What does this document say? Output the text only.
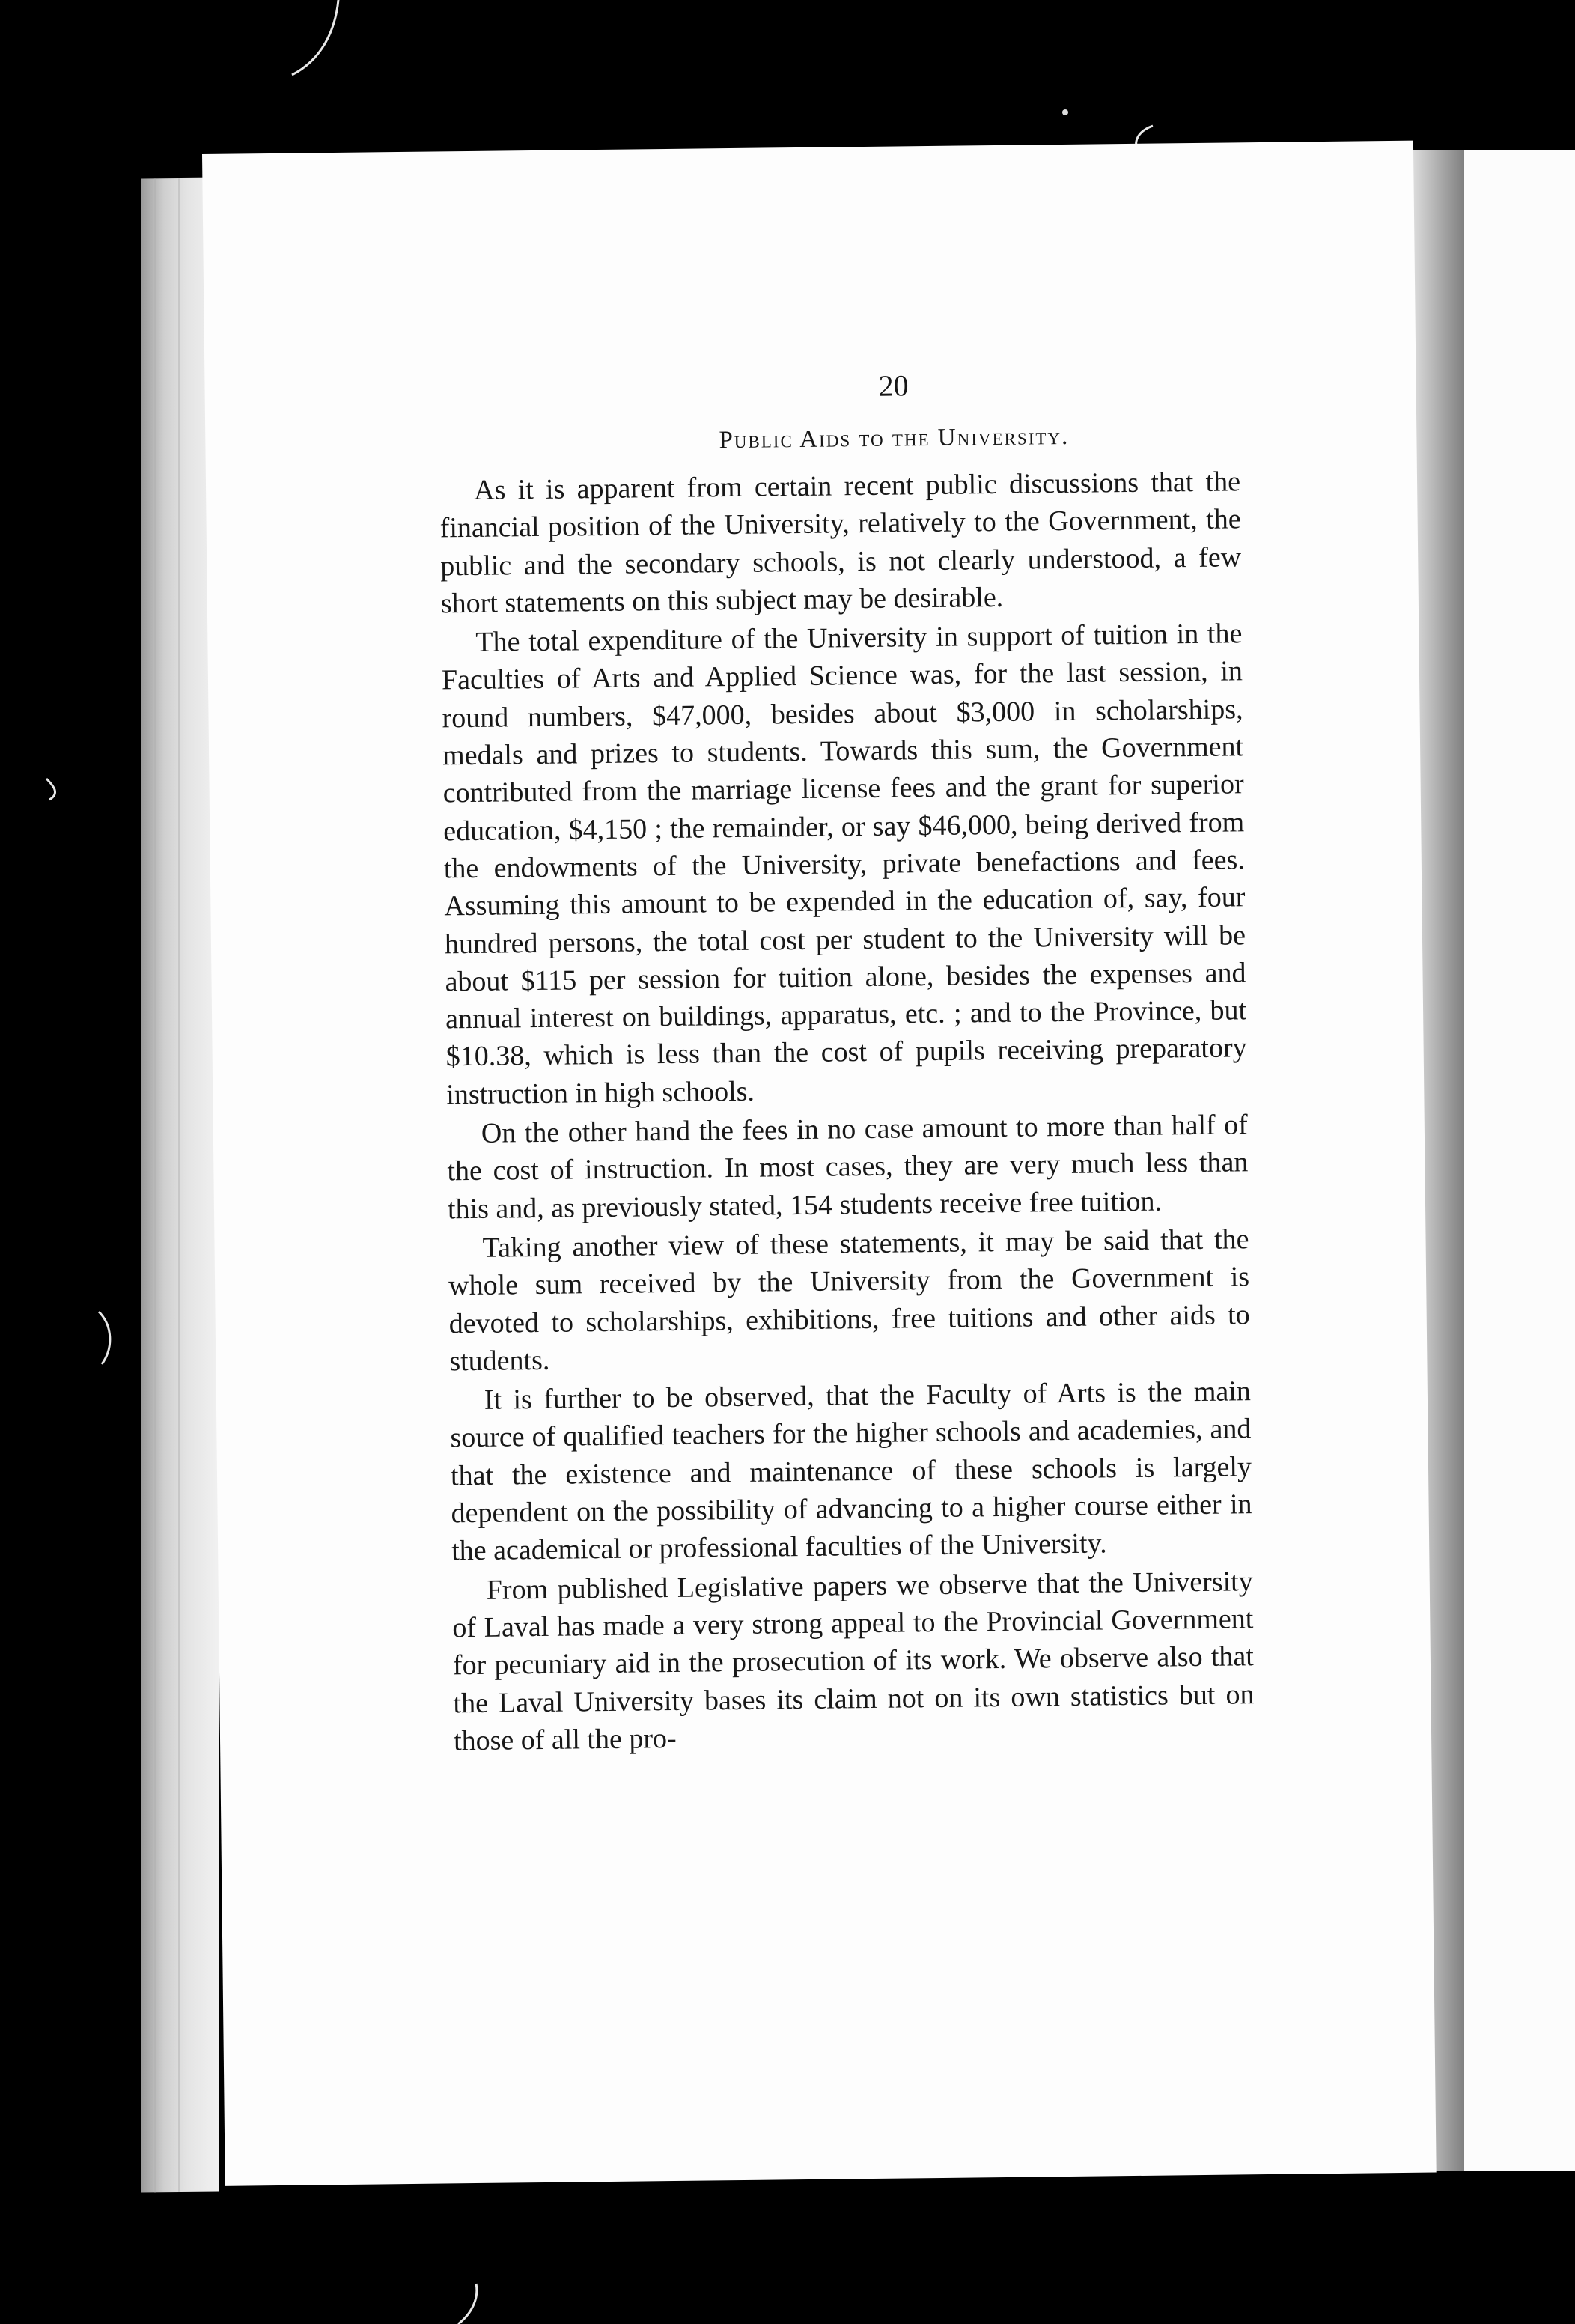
20
Public Aids to the University.

As it is apparent from certain recent public discussions that the financial position of the University, relatively to the Government, the public and the secondary schools, is not clearly understood, a few short statements on this subject may be desirable.

The total expenditure of the University in support of tuition in the Faculties of Arts and Applied Science was, for the last session, in round numbers, $47,000, besides about $3,000 in scholarships, medals and prizes to students. Towards this sum, the Government contributed from the marriage license fees and the grant for superior education, $4,150 ; the remainder, or say $46,000, being derived from the endowments of the University, private benefactions and fees. Assuming this amount to be expended in the education of, say, four hundred persons, the total cost per student to the University will be about $115 per session for tuition alone, besides the expenses and annual interest on buildings, apparatus, etc. ; and to the Province, but $10.38, which is less than the cost of pupils receiving preparatory instruction in high schools.

On the other hand the fees in no case amount to more than half of the cost of instruction. In most cases, they are very much less than this and, as previously stated, 154 students receive free tuition.

Taking another view of these statements, it may be said that the whole sum received by the University from the Government is devoted to scholarships, exhibitions, free tuitions and other aids to students.

It is further to be observed, that the Faculty of Arts is the main source of qualified teachers for the higher schools and academies, and that the existence and maintenance of these schools is largely dependent on the possibility of advancing to a higher course either in the academical or professional faculties of the University.

From published Legislative papers we observe that the University of Laval has made a very strong appeal to the Provincial Government for pecuniary aid in the prosecution of its work. We observe also that the Laval University bases its claim not on its own statistics but on those of all the pro-
